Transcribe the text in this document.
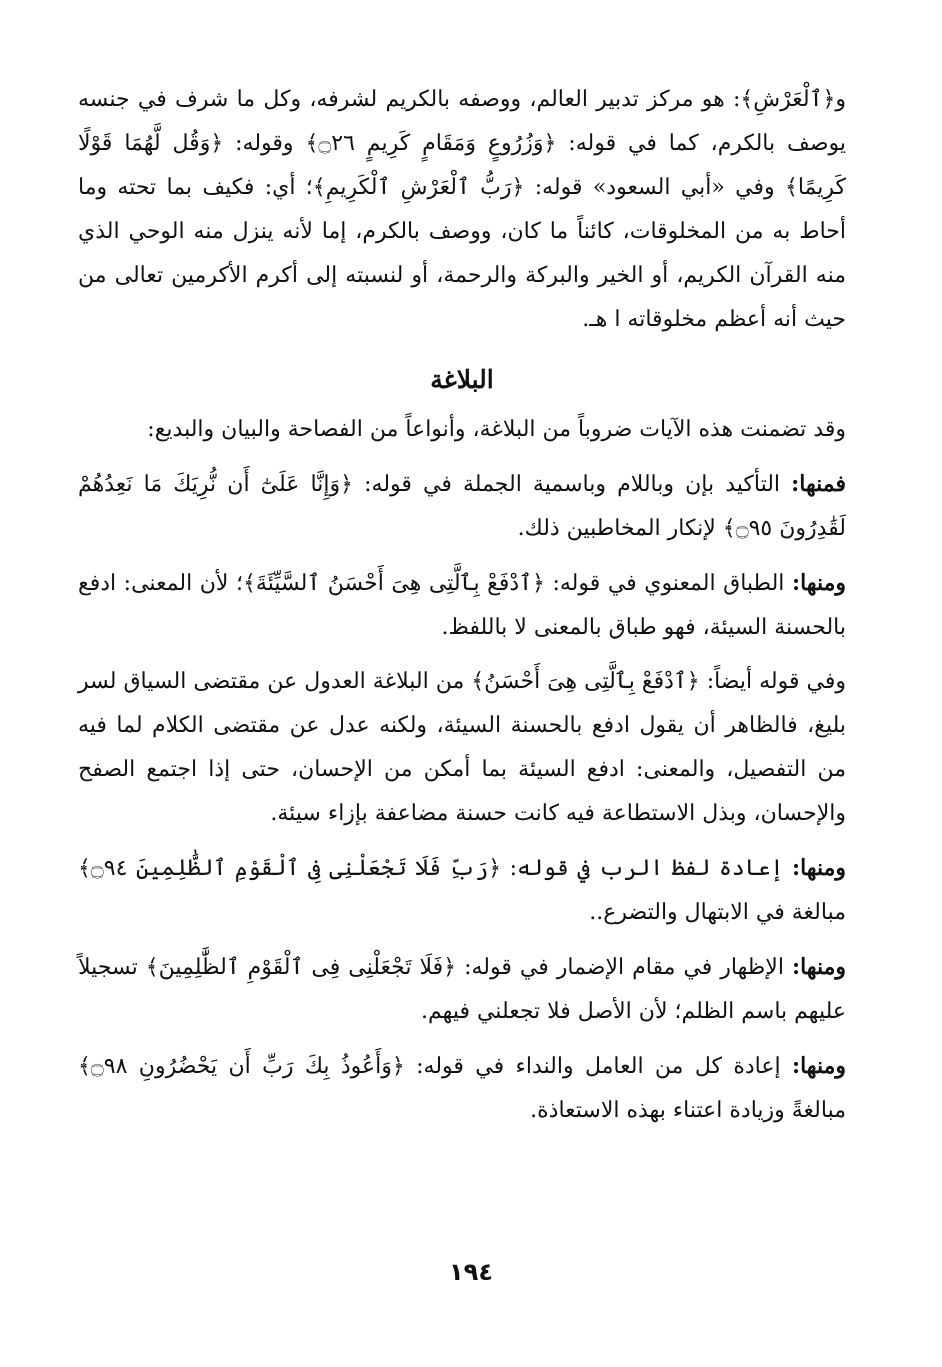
و﴿ٱلْعَرْشِ﴾: هو مركز تدبير العالم، ووصفه بالكريم لشرفه، وكل ما شرف في جنسه يوصف بالكرم، كما في قوله: ﴿وَزُرُوعٍ وَمَقَامٍ كَرِيمٍ ۝٢٦﴾ وقوله: ﴿وَقُل لَّهُمَا قَوْلًا كَرِيمًا﴾ وفي «أبي السعود» قوله: ﴿رَبُّ ٱلْعَرْشِ ٱلْكَرِيمِ﴾؛ أي: فكيف بما تحته وما أحاط به من المخلوقات، كائناً ما كان، ووصف بالكرم، إما لأنه ينزل منه الوحي الذي منه القرآن الكريم، أو الخير والبركة والرحمة، أو لنسبته إلى أكرم الأكرمين تعالى من حيث أنه أعظم مخلوقاته ا هـ.

البلاغة

وقد تضمنت هذه الآيات ضروباً من البلاغة، وأنواعاً من الفصاحة والبيان والبديع:

فمنها: التأكيد بإن وباللام وباسمية الجملة في قوله: ﴿وَإِنَّا عَلَىٰٓ أَن نُّرِيَكَ مَا نَعِدُهُمْ لَقَٰدِرُونَ ۝٩٥﴾ لإنكار المخاطبين ذلك.

ومنها: الطباق المعنوي في قوله: ﴿ٱدْفَعْ بِٱلَّتِى هِىَ أَحْسَنُ ٱلسَّيِّئَةَ﴾؛ لأن المعنى: ادفع بالحسنة السيئة، فهو طباق بالمعنى لا باللفظ.

وفي قوله أيضاً: ﴿ٱدْفَعْ بِٱلَّتِى هِىَ أَحْسَنُ﴾ من البلاغة العدول عن مقتضى السياق لسر بليغ، فالظاهر أن يقول ادفع بالحسنة السيئة، ولكنه عدل عن مقتضى الكلام لما فيه من التفصيل، والمعنى: ادفع السيئة بما أمكن من الإحسان، حتى إذا اجتمع الصفح والإحسان، وبذل الاستطاعة فيه كانت حسنة مضاعفة بإزاء سيئة.

ومنها: إعادة لفظ الرب في قوله: ﴿رَبِّ فَلَا تَجْعَلْنِى فِى ٱلْقَوْمِ ٱلظَّٰلِمِينَ ۝٩٤﴾ مبالغة في الابتهال والتضرع..

ومنها: الإظهار في مقام الإضمار في قوله: ﴿فَلَا تَجْعَلْنِى فِى ٱلْقَوْمِ ٱلظَّٰلِمِينَ﴾ تسجيلاً عليهم باسم الظلم؛ لأن الأصل فلا تجعلني فيهم.

ومنها: إعادة كل من العامل والنداء في قوله: ﴿وَأَعُوذُ بِكَ رَبِّ أَن يَحْضُرُونِ ۝٩٨﴾ مبالغةً وزيادة اعتناء بهذه الاستعاذة.

١٩٤
